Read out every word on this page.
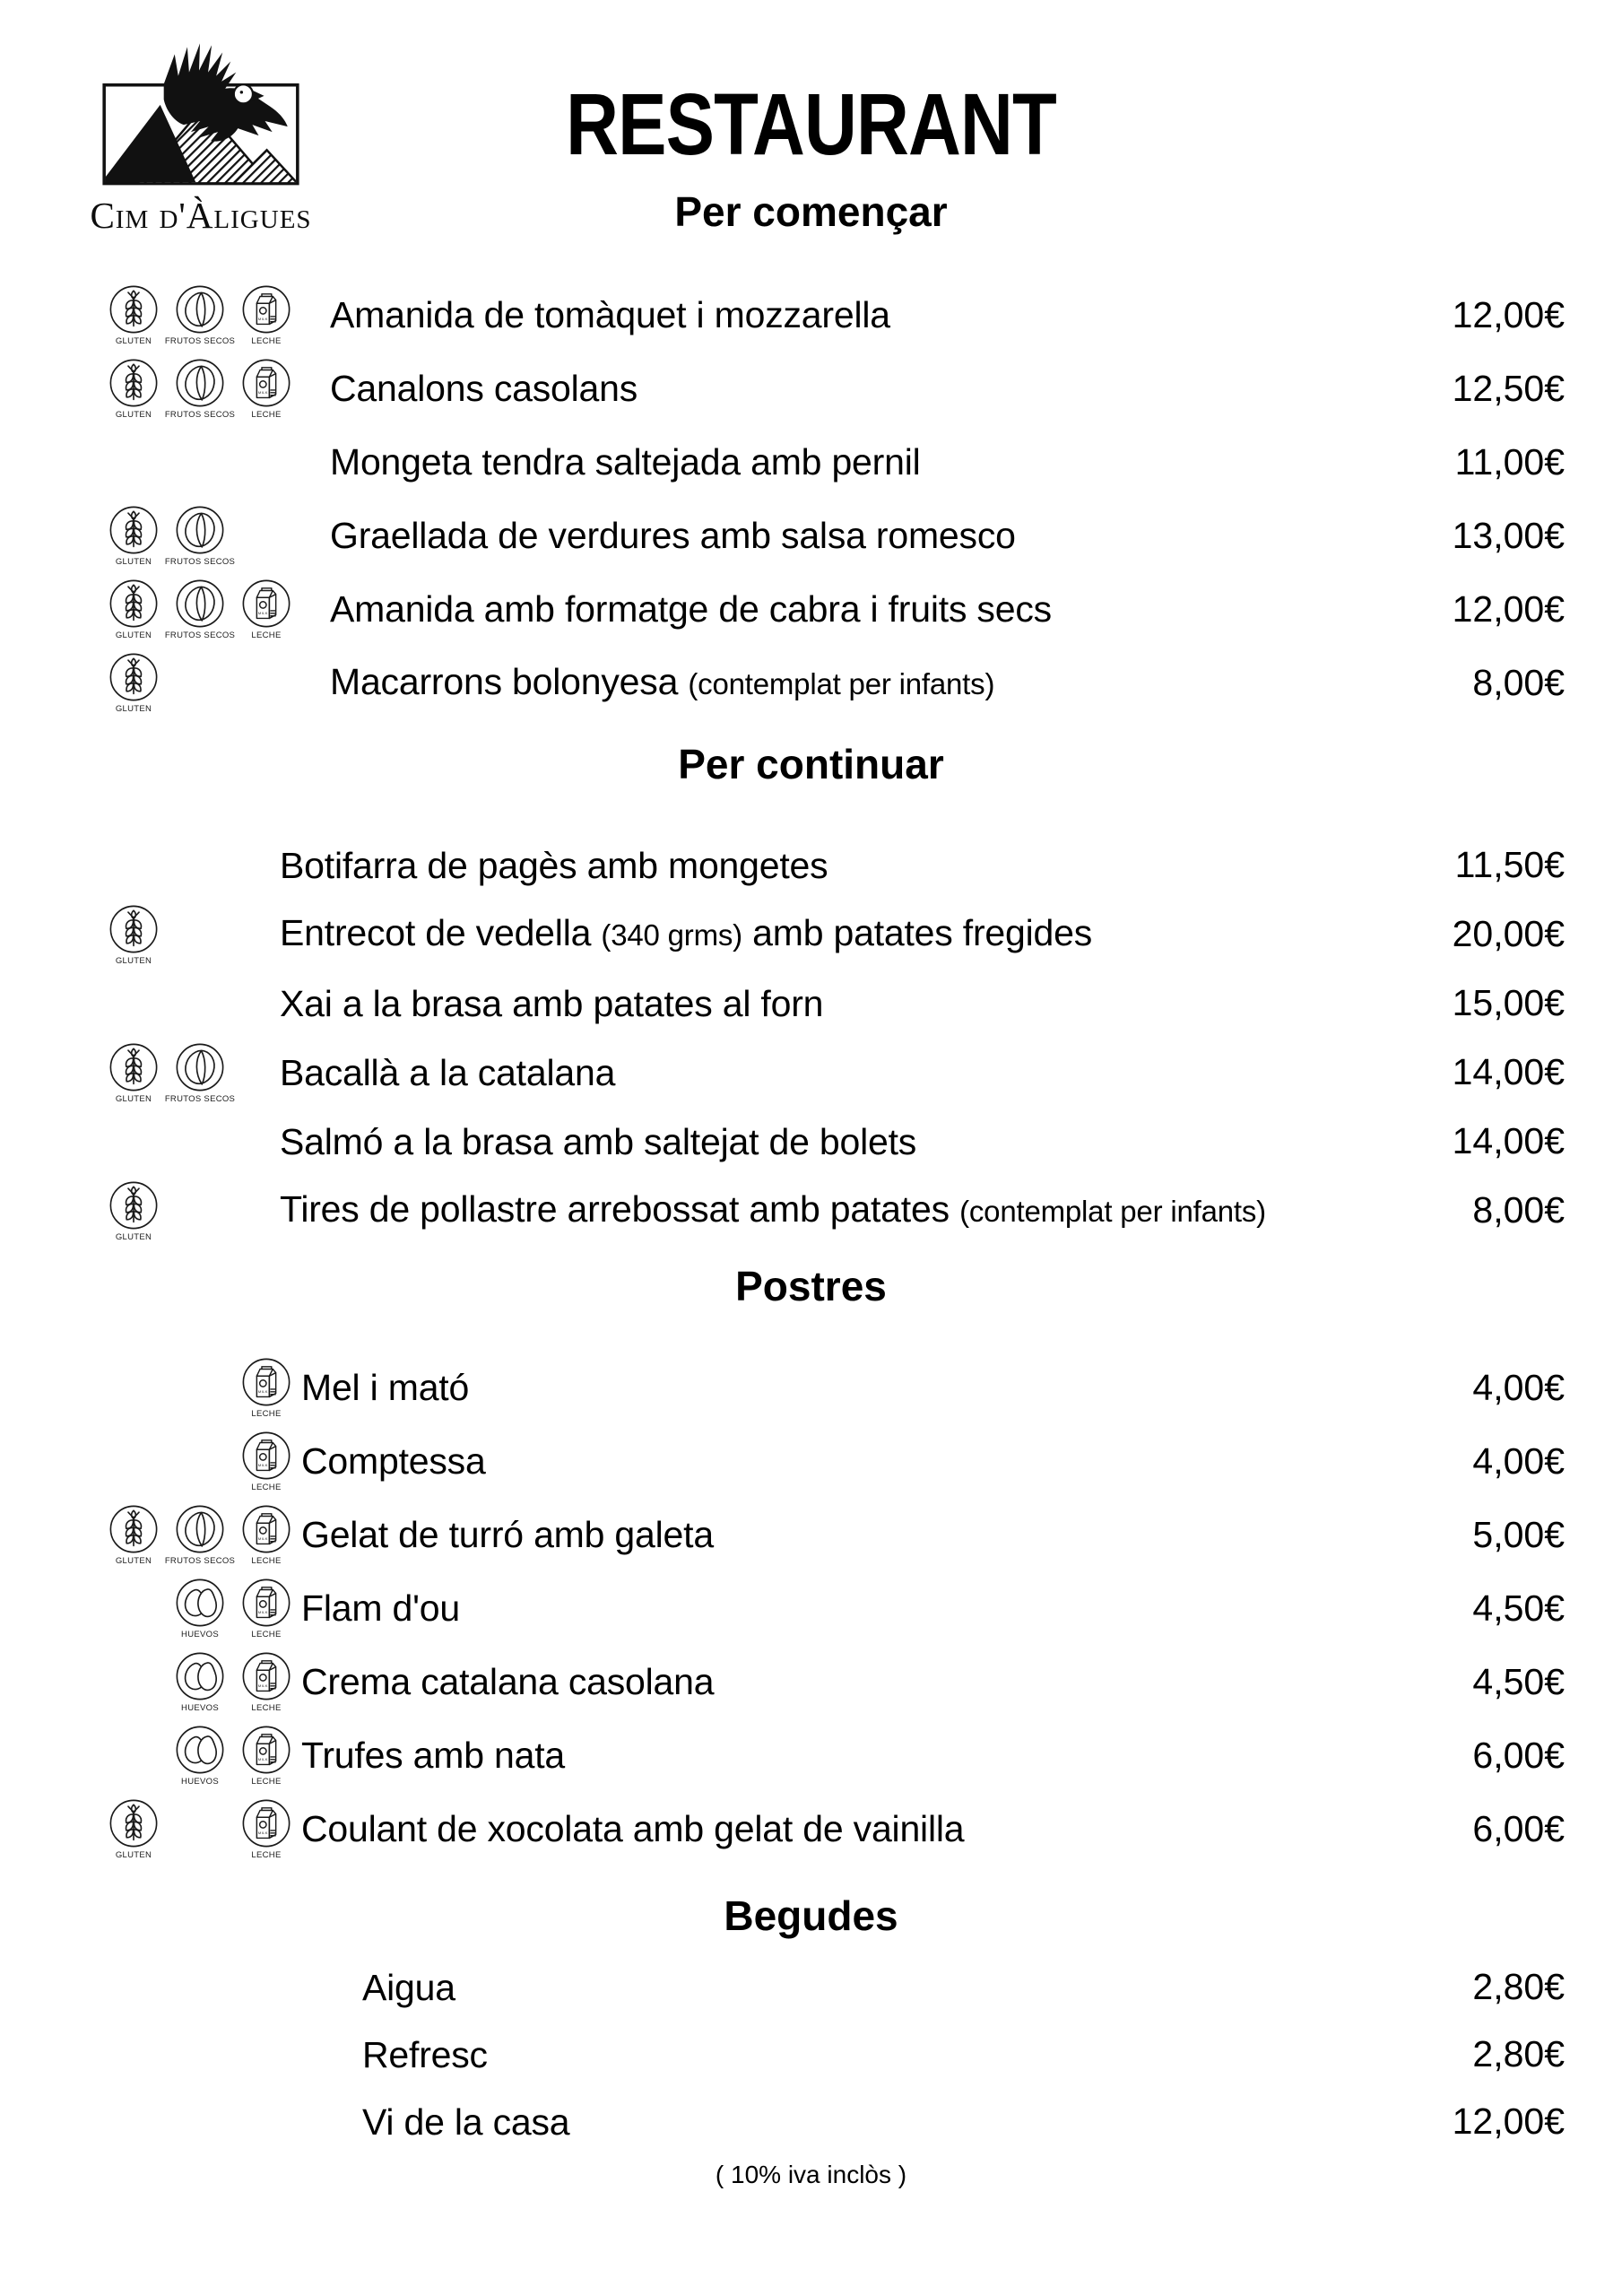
Cim d'Àligues
RESTAURANT
Per començar
GLUTEN FRUTOS SECOS LECHE
Amanida de tomàquet i mozzarella	12,00€
GLUTEN FRUTOS SECOS LECHE
Canalons casolans	12,50€
Mongeta tendra saltejada amb pernil	11,00€
GLUTEN FRUTOS SECOS
Graellada de verdures amb salsa romesco	13,00€
GLUTEN FRUTOS SECOS LECHE
Amanida amb formatge de cabra i fruits secs	12,00€
GLUTEN
Macarrons bolonyesa (contemplat per infants)	8,00€
Per continuar
Botifarra de pagès amb mongetes	11,50€
GLUTEN
Entrecot de vedella (340 grms) amb patates fregides	20,00€
Xai a la brasa amb patates al forn	15,00€
GLUTEN FRUTOS SECOS
Bacallà a la catalana	14,00€
Salmó a la brasa amb saltejat de bolets	14,00€
GLUTEN
Tires de pollastre arrebossat amb patates (contemplat per infants)	8,00€
Postres
LECHE
Mel i mató	4,00€
LECHE
Comptessa	4,00€
GLUTEN FRUTOS SECOS LECHE
Gelat de turró amb galeta	5,00€
HUEVOS	LECHE
Flam d'ou	4,50€
HUEVOS	LECHE
Crema catalana casolana	4,50€
HUEVOS	LECHE
Trufes amb nata	6,00€
GLUTEN	LECHE
Coulant de xocolata amb gelat de vainilla	6,00€
Begudes
Aigua	2,80€
Refresc	2,80€
Vi de la casa	12,00€
( 10% iva inclòs )
